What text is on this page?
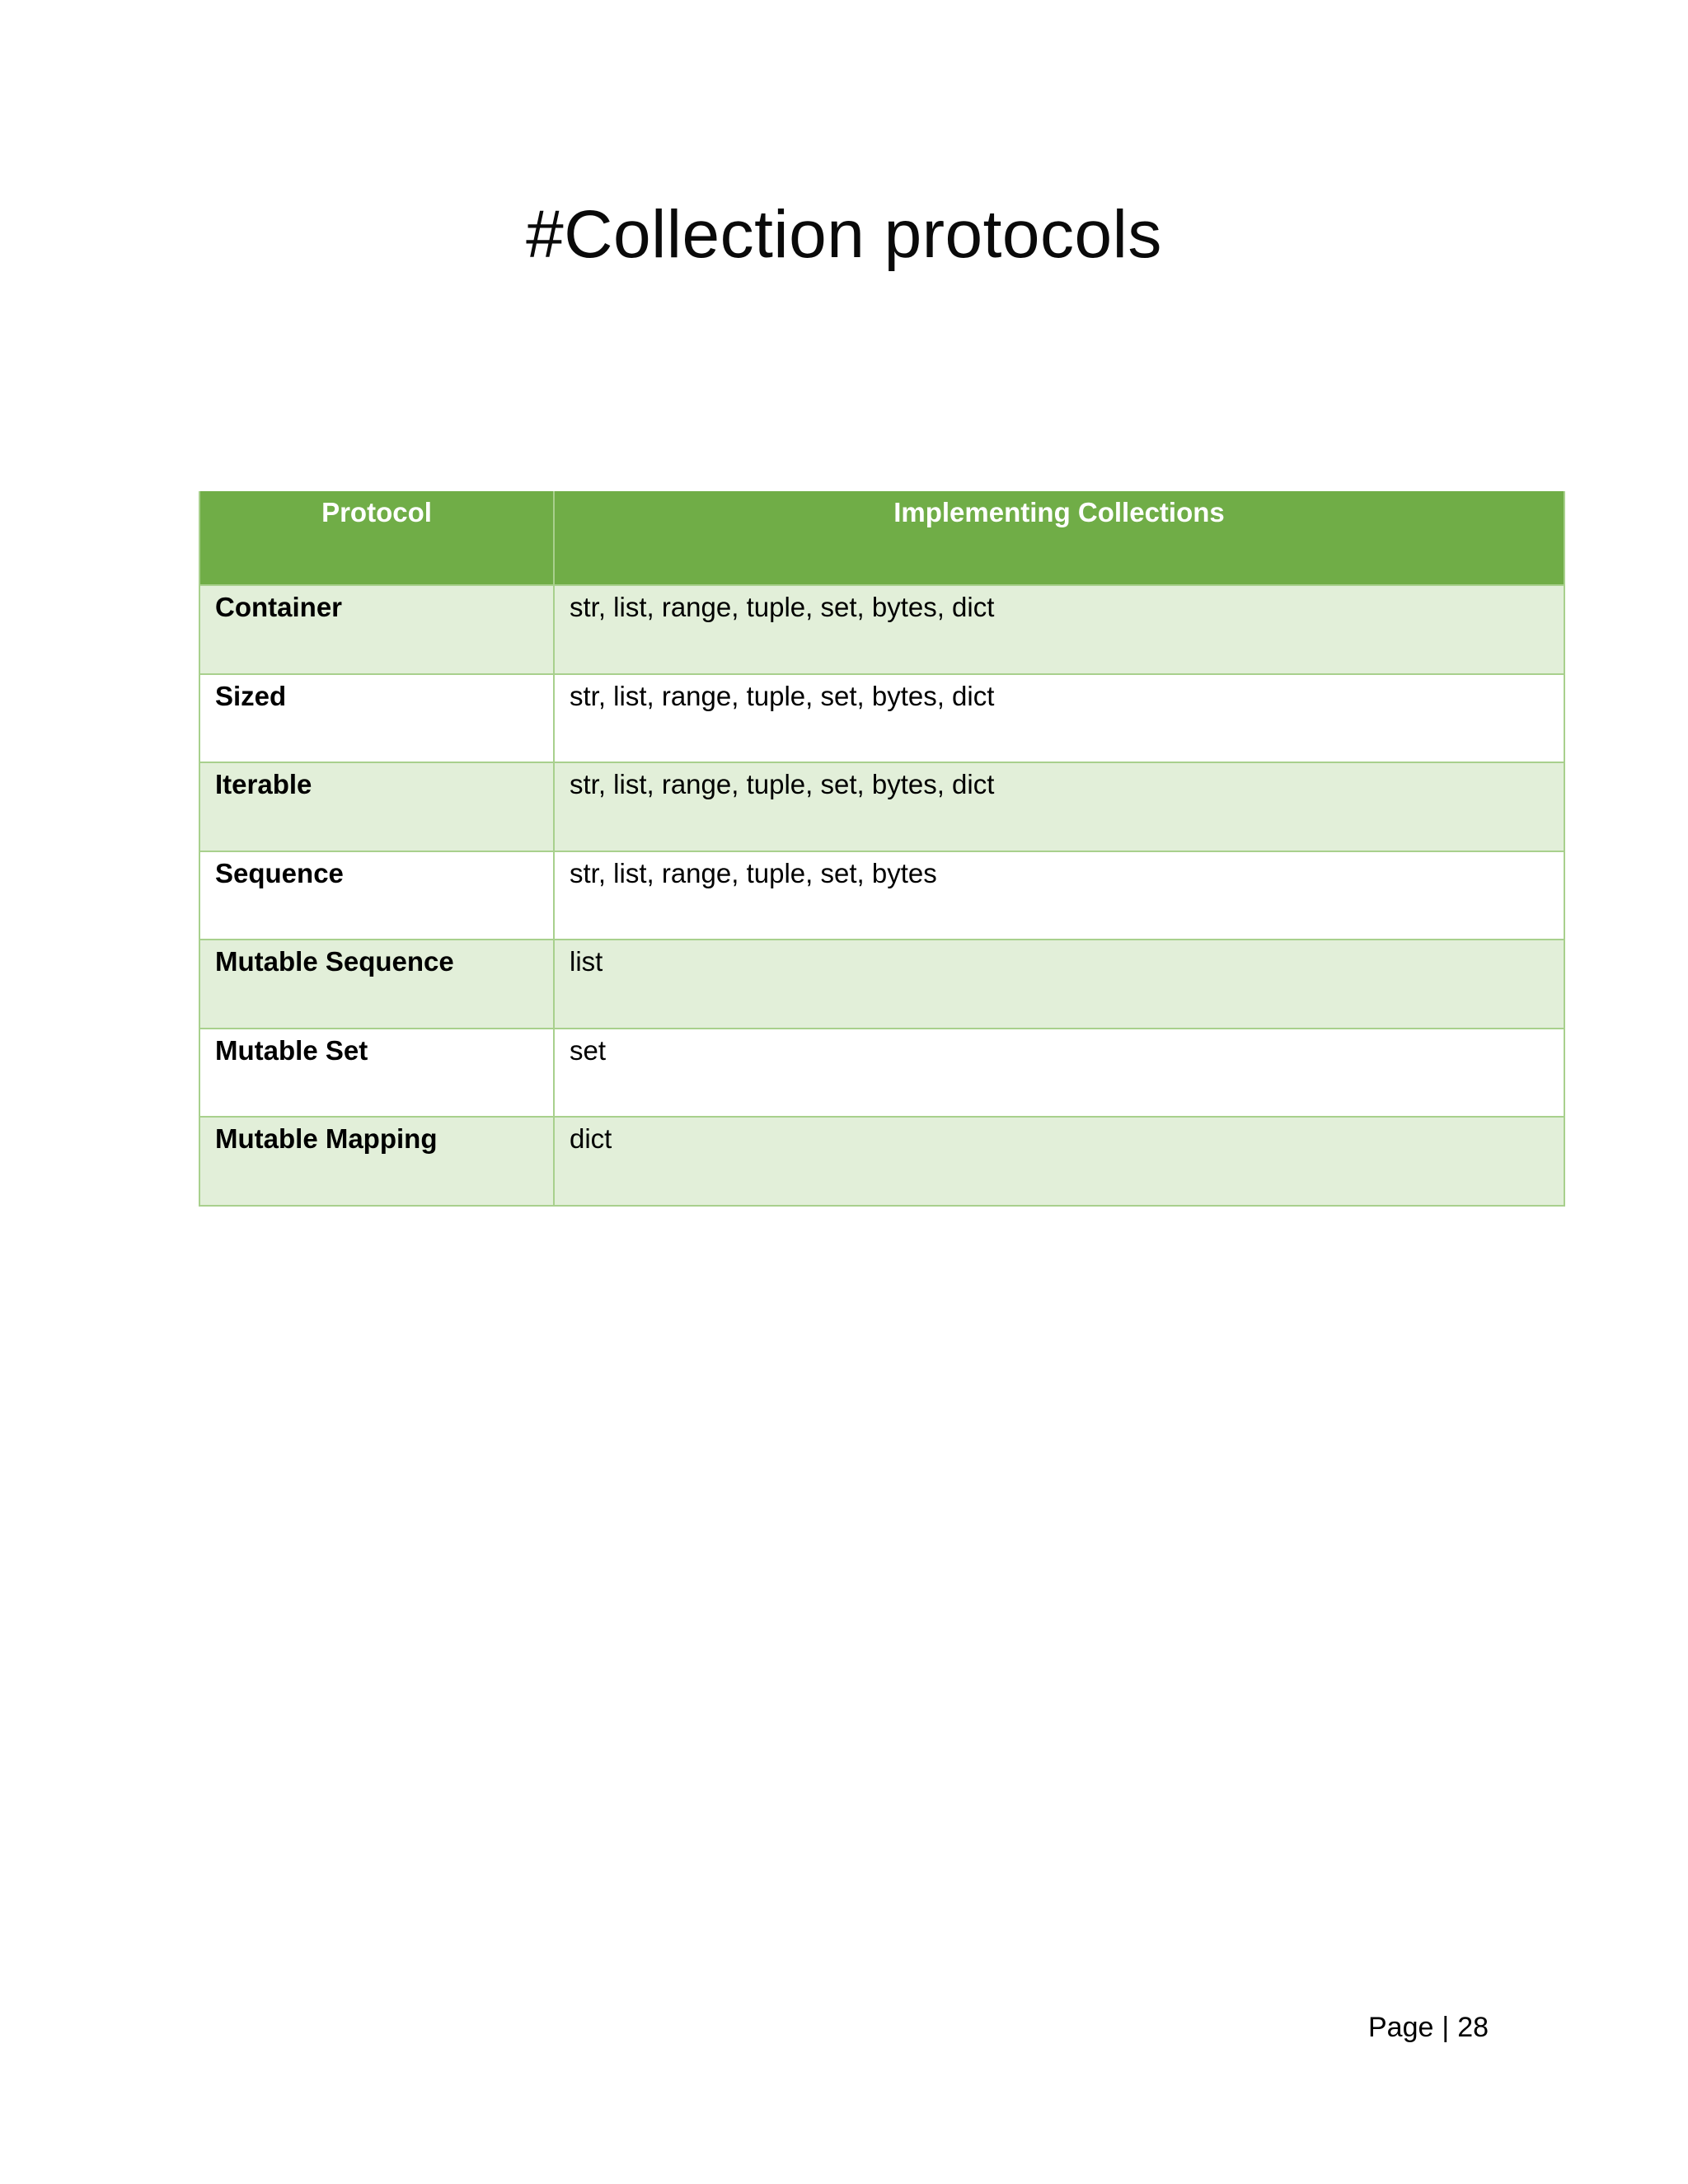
#Collection protocols
Protocol	Implementing Collections
Container	str, list, range, tuple, set, bytes, dict
Sized	str, list, range, tuple, set, bytes, dict
Iterable	str, list, range, tuple, set, bytes, dict
Sequence	str, list, range, tuple, set, bytes
Mutable Sequence	list
Mutable Set	set
Mutable Mapping	dict
Page | 28
